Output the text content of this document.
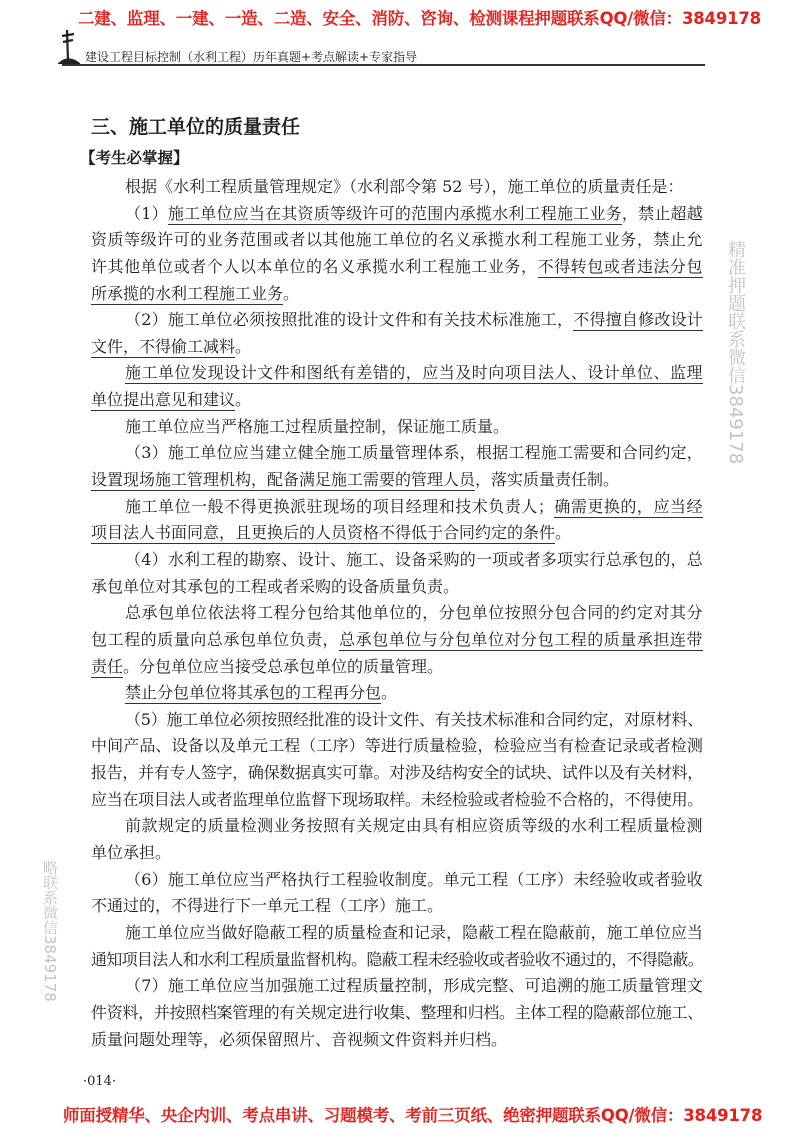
二建、监理、一建、一造、二造、安全、消防、咨询、检测课程押题联系QQ/微信：3849178
建设工程目标控制（水利工程）历年真题+考点解读+专家指导
三、施工单位的质量责任
【考生必掌握】
根据《水利工程质量管理规定》（水利部令第 52 号），施工单位的质量责任是：
（1）施工单位应当在其资质等级许可的范围内承揽水利工程施工业务，禁止超越
资质等级许可的业务范围或者以其他施工单位的名义承揽水利工程施工业务，禁止允
许其他单位或者个人以本单位的名义承揽水利工程施工业务，不得转包或者违法分包
所承揽的水利工程施工业务。
（2）施工单位必须按照批准的设计文件和有关技术标准施工，不得擅自修改设计
文件，不得偷工减料。
施工单位发现设计文件和图纸有差错的，应当及时向项目法人、设计单位、监理
单位提出意见和建议。
施工单位应当严格施工过程质量控制，保证施工质量。
（3）施工单位应当建立健全施工质量管理体系，根据工程施工需要和合同约定，
设置现场施工管理机构，配备满足施工需要的管理人员，落实质量责任制。
施工单位一般不得更换派驻现场的项目经理和技术负责人；确需更换的，应当经
项目法人书面同意，且更换后的人员资格不得低于合同约定的条件。
（4）水利工程的勘察、设计、施工、设备采购的一项或者多项实行总承包的，总
承包单位对其承包的工程或者采购的设备质量负责。
总承包单位依法将工程分包给其他单位的，分包单位按照分包合同的约定对其分
包工程的质量向总承包单位负责，总承包单位与分包单位对分包工程的质量承担连带
责任。分包单位应当接受总承包单位的质量管理。
禁止分包单位将其承包的工程再分包。
（5）施工单位必须按照经批准的设计文件、有关技术标准和合同约定，对原材料、
中间产品、设备以及单元工程（工序）等进行质量检验，检验应当有检查记录或者检测
报告，并有专人签字，确保数据真实可靠。对涉及结构安全的试块、试件以及有关材料，
应当在项目法人或者监理单位监督下现场取样。未经检验或者检验不合格的，不得使用。
前款规定的质量检测业务按照有关规定由具有相应资质等级的水利工程质量检测
单位承担。
（6）施工单位应当严格执行工程验收制度。单元工程（工序）未经验收或者验收
不通过的，不得进行下一单元工程（工序）施工。
施工单位应当做好隐蔽工程的质量检查和记录，隐蔽工程在隐蔽前，施工单位应当
通知项目法人和水利工程质量监督机构。隐蔽工程未经验收或者验收不通过的，不得隐蔽。
（7）施工单位应当加强施工过程质量控制，形成完整、可追溯的施工质量管理文
件资料，并按照档案管理的有关规定进行收集、整理和归档。主体工程的隐蔽部位施工、
质量问题处理等，必须保留照片、音视频文件资料并归档。
精准押题联系微信3849178
略联系微信3849178
·014·
师面授精华、央企内训、考点串讲、习题模考、考前三页纸、绝密押题联系QQ/微信：3849178
